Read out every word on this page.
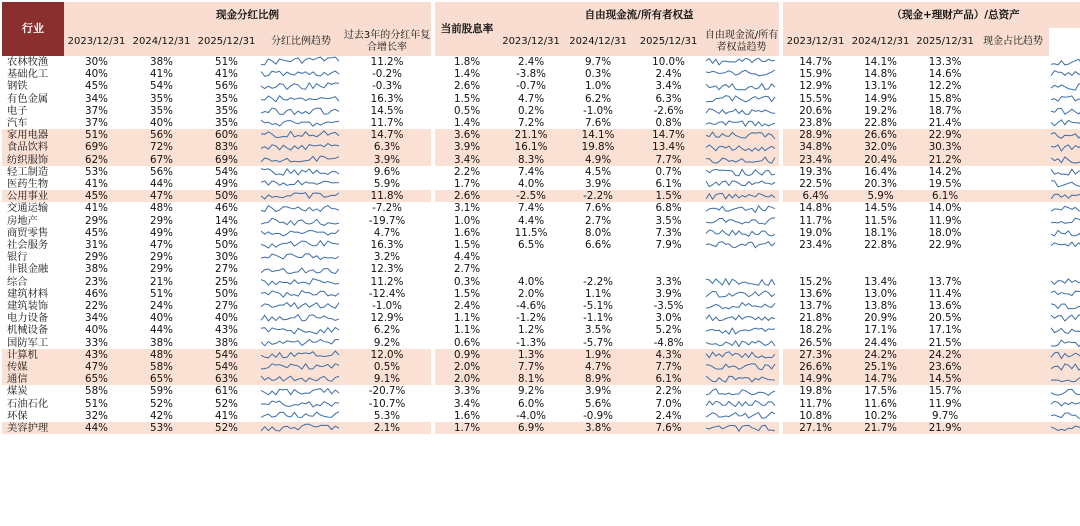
行业	现金分红比例						当前股息率	自由现金流/所有者权益					（现金+理财产品）/总资产				
	2023/12/31	2024/12/31	2025/12/31	分红比例趋势	过去3年的分红年复合增长率			2023/12/31	2024/12/31	2025/12/31	自由现金流/所有者权益趋势		2023/12/31	2024/12/31	2025/12/31	现金占比趋势	
农林牧渔	30%	38%	51%		11.2%		1.8%	2.4%	9.7%	10.0%			14.7%	14.1%	13.3%		

基础化工	40%	41%	41%		-0.2%		1.4%	-3.8%	0.3%	2.4%			15.9%	14.8%	14.6%		

钢铁	45%	54%	56%		-0.3%		2.6%	-0.7%	1.0%	3.4%			12.9%	13.1%	12.2%		

有色金属	34%	35%	35%		16.3%		1.5%	4.7%	6.2%	6.3%			15.5%	14.9%	15.8%		

电子	37%	35%	35%		14.5%		0.5%	0.2%	-1.0%	-2.6%			20.6%	19.2%	18.7%		

汽车	37%	40%	35%		11.7%		1.4%	7.2%	7.6%	0.8%			23.8%	22.8%	21.4%		

家用电器	51%	56%	60%		14.7%		3.6%	21.1%	14.1%	14.7%			28.9%	26.6%	22.9%		

食品饮料	69%	72%	83%		6.3%		3.9%	16.1%	19.8%	13.4%			34.8%	32.0%	30.3%		

纺织服饰	62%	67%	69%		3.9%		3.4%	8.3%	4.9%	7.7%			23.4%	20.4%	21.2%		

轻工制造	53%	56%	54%		9.6%		2.2%	7.4%	4.5%	0.7%			19.3%	16.4%	14.2%		

医药生物	41%	44%	49%		5.9%		1.7%	4.0%	3.9%	6.1%			22.5%	20.3%	19.5%		

公用事业	45%	47%	50%		11.8%		2.6%	-2.5%	-2.2%	1.5%			6.4%	5.9%	6.1%		

交通运输	41%	48%	46%		-7.2%		3.1%	7.4%	7.6%	6.8%			14.8%	14.5%	14.0%		

房地产	29%	29%	14%		-19.7%		1.0%	4.4%	2.7%	3.5%			11.7%	11.5%	11.9%		

商贸零售	45%	49%	49%		4.7%		1.6%	11.5%	8.0%	7.3%			19.0%	18.1%	18.0%		

社会服务	31%	47%	50%		16.3%		1.5%	6.5%	6.6%	7.9%			23.4%	22.8%	22.9%		

银行	29%	29%	30%		3.2%		4.4%										
非银金融	38%	29%	27%		12.3%		2.7%										
综合	23%	21%	25%		11.2%		0.3%	4.0%	-2.2%	3.3%			15.2%	13.4%	13.7%		

建筑材料	46%	51%	50%		-12.4%		1.5%	2.0%	1.1%	3.9%			13.6%	13.0%	11.4%		

建筑装饰	22%	24%	27%		-1.0%		2.4%	-4.6%	-5.1%	-3.5%			13.7%	13.8%	13.6%		

电力设备	34%	40%	40%		12.9%		1.1%	-1.2%	-1.1%	3.0%			21.8%	20.9%	20.5%		

机械设备	40%	44%	43%		6.2%		1.1%	1.2%	3.5%	5.2%			18.2%	17.1%	17.1%		

国防军工	33%	38%	38%		9.2%		0.6%	-1.3%	-5.7%	-4.8%			26.5%	24.4%	21.5%		

计算机	43%	48%	54%		12.0%		0.9%	1.3%	1.9%	4.3%			27.3%	24.2%	24.2%		

传媒	47%	58%	54%		0.5%		2.0%	7.7%	4.7%	7.7%			26.6%	25.1%	23.6%		

通信	65%	65%	63%		9.1%		2.0%	8.1%	8.9%	6.1%			14.9%	14.7%	14.5%		

煤炭	58%	59%	61%		-20.7%		3.3%	9.2%	3.9%	2.2%			19.8%	17.5%	15.7%		

石油石化	51%	52%	52%		-10.7%		3.4%	6.0%	5.6%	7.0%			11.7%	11.6%	11.9%		

环保	32%	42%	41%		5.3%		1.6%	-4.0%	-0.9%	2.4%			10.8%	10.2%	9.7%		

美容护理	44%	53%	52%		2.1%		1.7%	6.9%	3.8%	7.6%			27.1%	21.7%	21.9%		
